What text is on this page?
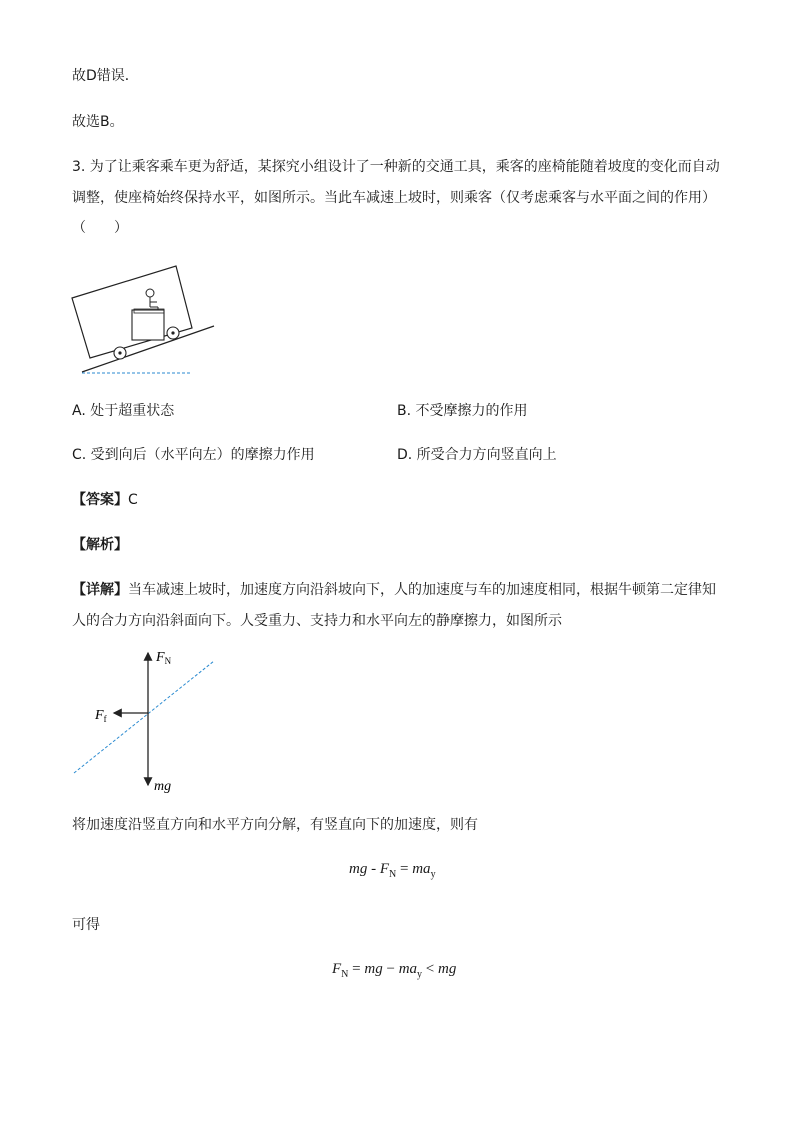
故D错误．
故选B。
3. 为了让乘客乘车更为舒适，某探究小组设计了一种新的交通工具，乘客的座椅能随着坡度的变化而自动
调整，使座椅始终保持水平，如图所示。当此车减速上坡时，则乘客（仅考虑乘客与水平面之间的作用）
（　　）
A. 处于超重状态	B. 不受摩擦力的作用
C. 受到向后（水平向左）的摩擦力作用	D. 所受合力方向竖直向上
【答案】C
【解析】
【详解】当车减速上坡时，加速度方向沿斜坡向下，人的加速度与车的加速度相同，根据牛顿第二定律知
人的合力方向沿斜面向下。人受重力、支持力和水平向左的静摩擦力，如图所示
$F_N$
$F_f$
mg
将加速度沿竖直方向和水平方向分解，有竖直向下的加速度，则有
mg - $F_N = ma_y$
可得
$F_N$ = mg − $ma_y$ < mg
